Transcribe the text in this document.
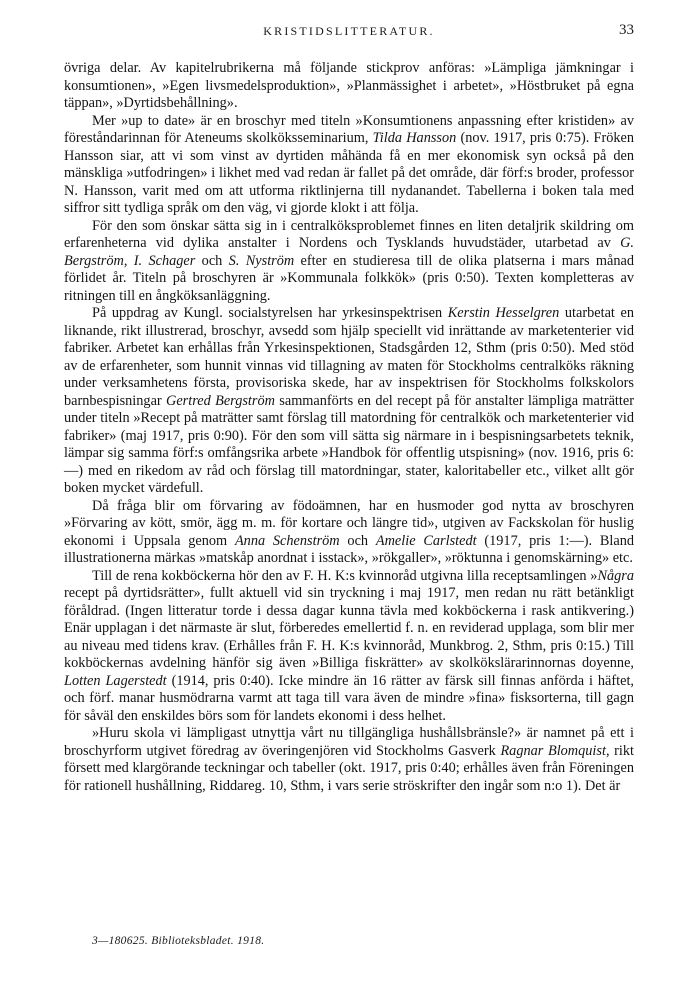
KRISTIDSLITTERATUR.	33

övriga delar. Av kapitelrubrikerna må följande stickprov anföras: »Lämpliga jämkningar i konsumtionen», »Egen livsmedelsproduktion», »Planmässighet i arbetet», »Höstbruket på egna täppan», »Dyrtidsbehållning».

Mer »up to date» är en broschyr med titeln »Konsumtionens anpassning efter kristiden» av föreståndarinnan för Ateneums skolköksseminarium, Tilda Hansson (nov. 1917, pris 0:75). Fröken Hansson siar, att vi som vinst av dyrtiden måhända få en mer ekonomisk syn också på den mänskliga »utfodringen» i likhet med vad redan är fallet på det område, där förf:s broder, professor N. Hansson, varit med om att utforma riktlinjerna till nydanandet. Tabellerna i boken tala med siffror sitt tydliga språk om den väg, vi gjorde klokt i att följa.

För den som önskar sätta sig in i centralköksproblemet finnes en liten detaljrik skildring om erfarenheterna vid dylika anstalter i Nordens och Tysklands huvudstäder, utarbetad av G. Bergström, I. Schager och S. Nyström efter en studieresa till de olika platserna i mars månad förlidet år. Titeln på broschyren är »Kommunala folkkök» (pris 0:50). Texten kompletteras av ritningen till en ångköksanläggning.

På uppdrag av Kungl. socialstyrelsen har yrkesinspektrisen Kerstin Hesselgren utarbetat en liknande, rikt illustrerad, broschyr, avsedd som hjälp speciellt vid inrättande av marketenterier vid fabriker. Arbetet kan erhållas från Yrkesinspektionen, Stadsgården 12, Sthm (pris 0:50). Med stöd av de erfarenheter, som hunnit vinnas vid tillagning av maten för Stockholms centralköks räkning under verksamhetens första, provisoriska skede, har av inspektrisen för Stockholms folkskolors barnbespisningar Gertred Bergström sammanförts en del recept på för anstalter lämpliga maträtter under titeln »Recept på maträtter samt förslag till matordning för centralkök och marketenterier vid fabriker» (maj 1917, pris 0:90). För den som vill sätta sig närmare in i bespisningsarbetets teknik, lämpar sig samma förf:s omfångsrika arbete »Handbok för offentlig utspisning» (nov. 1916, pris 6:—) med en rikedom av råd och förslag till matordningar, stater, kaloritabeller etc., vilket allt gör boken mycket värdefull.

Då fråga blir om förvaring av födoämnen, har en husmoder god nytta av broschyren »Förvaring av kött, smör, ägg m. m. för kortare och längre tid», utgiven av Fackskolan för huslig ekonomi i Uppsala genom Anna Schenström och Amelie Carlstedt (1917, pris 1:—). Bland illustrationerna märkas »matskåp anordnat i isstack», »rökgaller», »röktunna i genomskärning» etc.

Till de rena kokböckerna hör den av F. H. K:s kvinnoråd utgivna lilla receptsamlingen »Några recept på dyrtidsrätter», fullt aktuell vid sin tryckning i maj 1917, men redan nu rätt betänkligt föråldrad. (Ingen litteratur torde i dessa dagar kunna tävla med kokböckerna i rask antikvering.) Enär upplagan i det närmaste är slut, förberedes emellertid f. n. en reviderad upplaga, som blir mer au niveau med tidens krav. (Erhålles från F. H. K:s kvinnoråd, Munkbrog. 2, Sthm, pris 0:15.) Till kokböckernas avdelning hänför sig även »Billiga fiskrätter» av skolkökslärarinnornas doyenne, Lotten Lagerstedt (1914, pris 0:40). Icke mindre än 16 rätter av färsk sill finnas anförda i häftet, och förf. manar husmödrarna varmt att taga till vara även de mindre »fina» fisksorterna, till gagn för såväl den enskildes börs som för landets ekonomi i dess helhet.

»Huru skola vi lämpligast utnyttja vårt nu tillgängliga hushållsbränsle?» är namnet på ett i broschyrform utgivet föredrag av överingenjören vid Stockholms Gasverk Ragnar Blomquist, rikt försett med klargörande teckningar och tabeller (okt. 1917, pris 0:40; erhålles även från Föreningen för rationell hushållning, Riddareg. 10, Sthm, i vars serie ströskrifter den ingår som n:o 1). Det är

3—180625. Biblioteksbladet. 1918.
